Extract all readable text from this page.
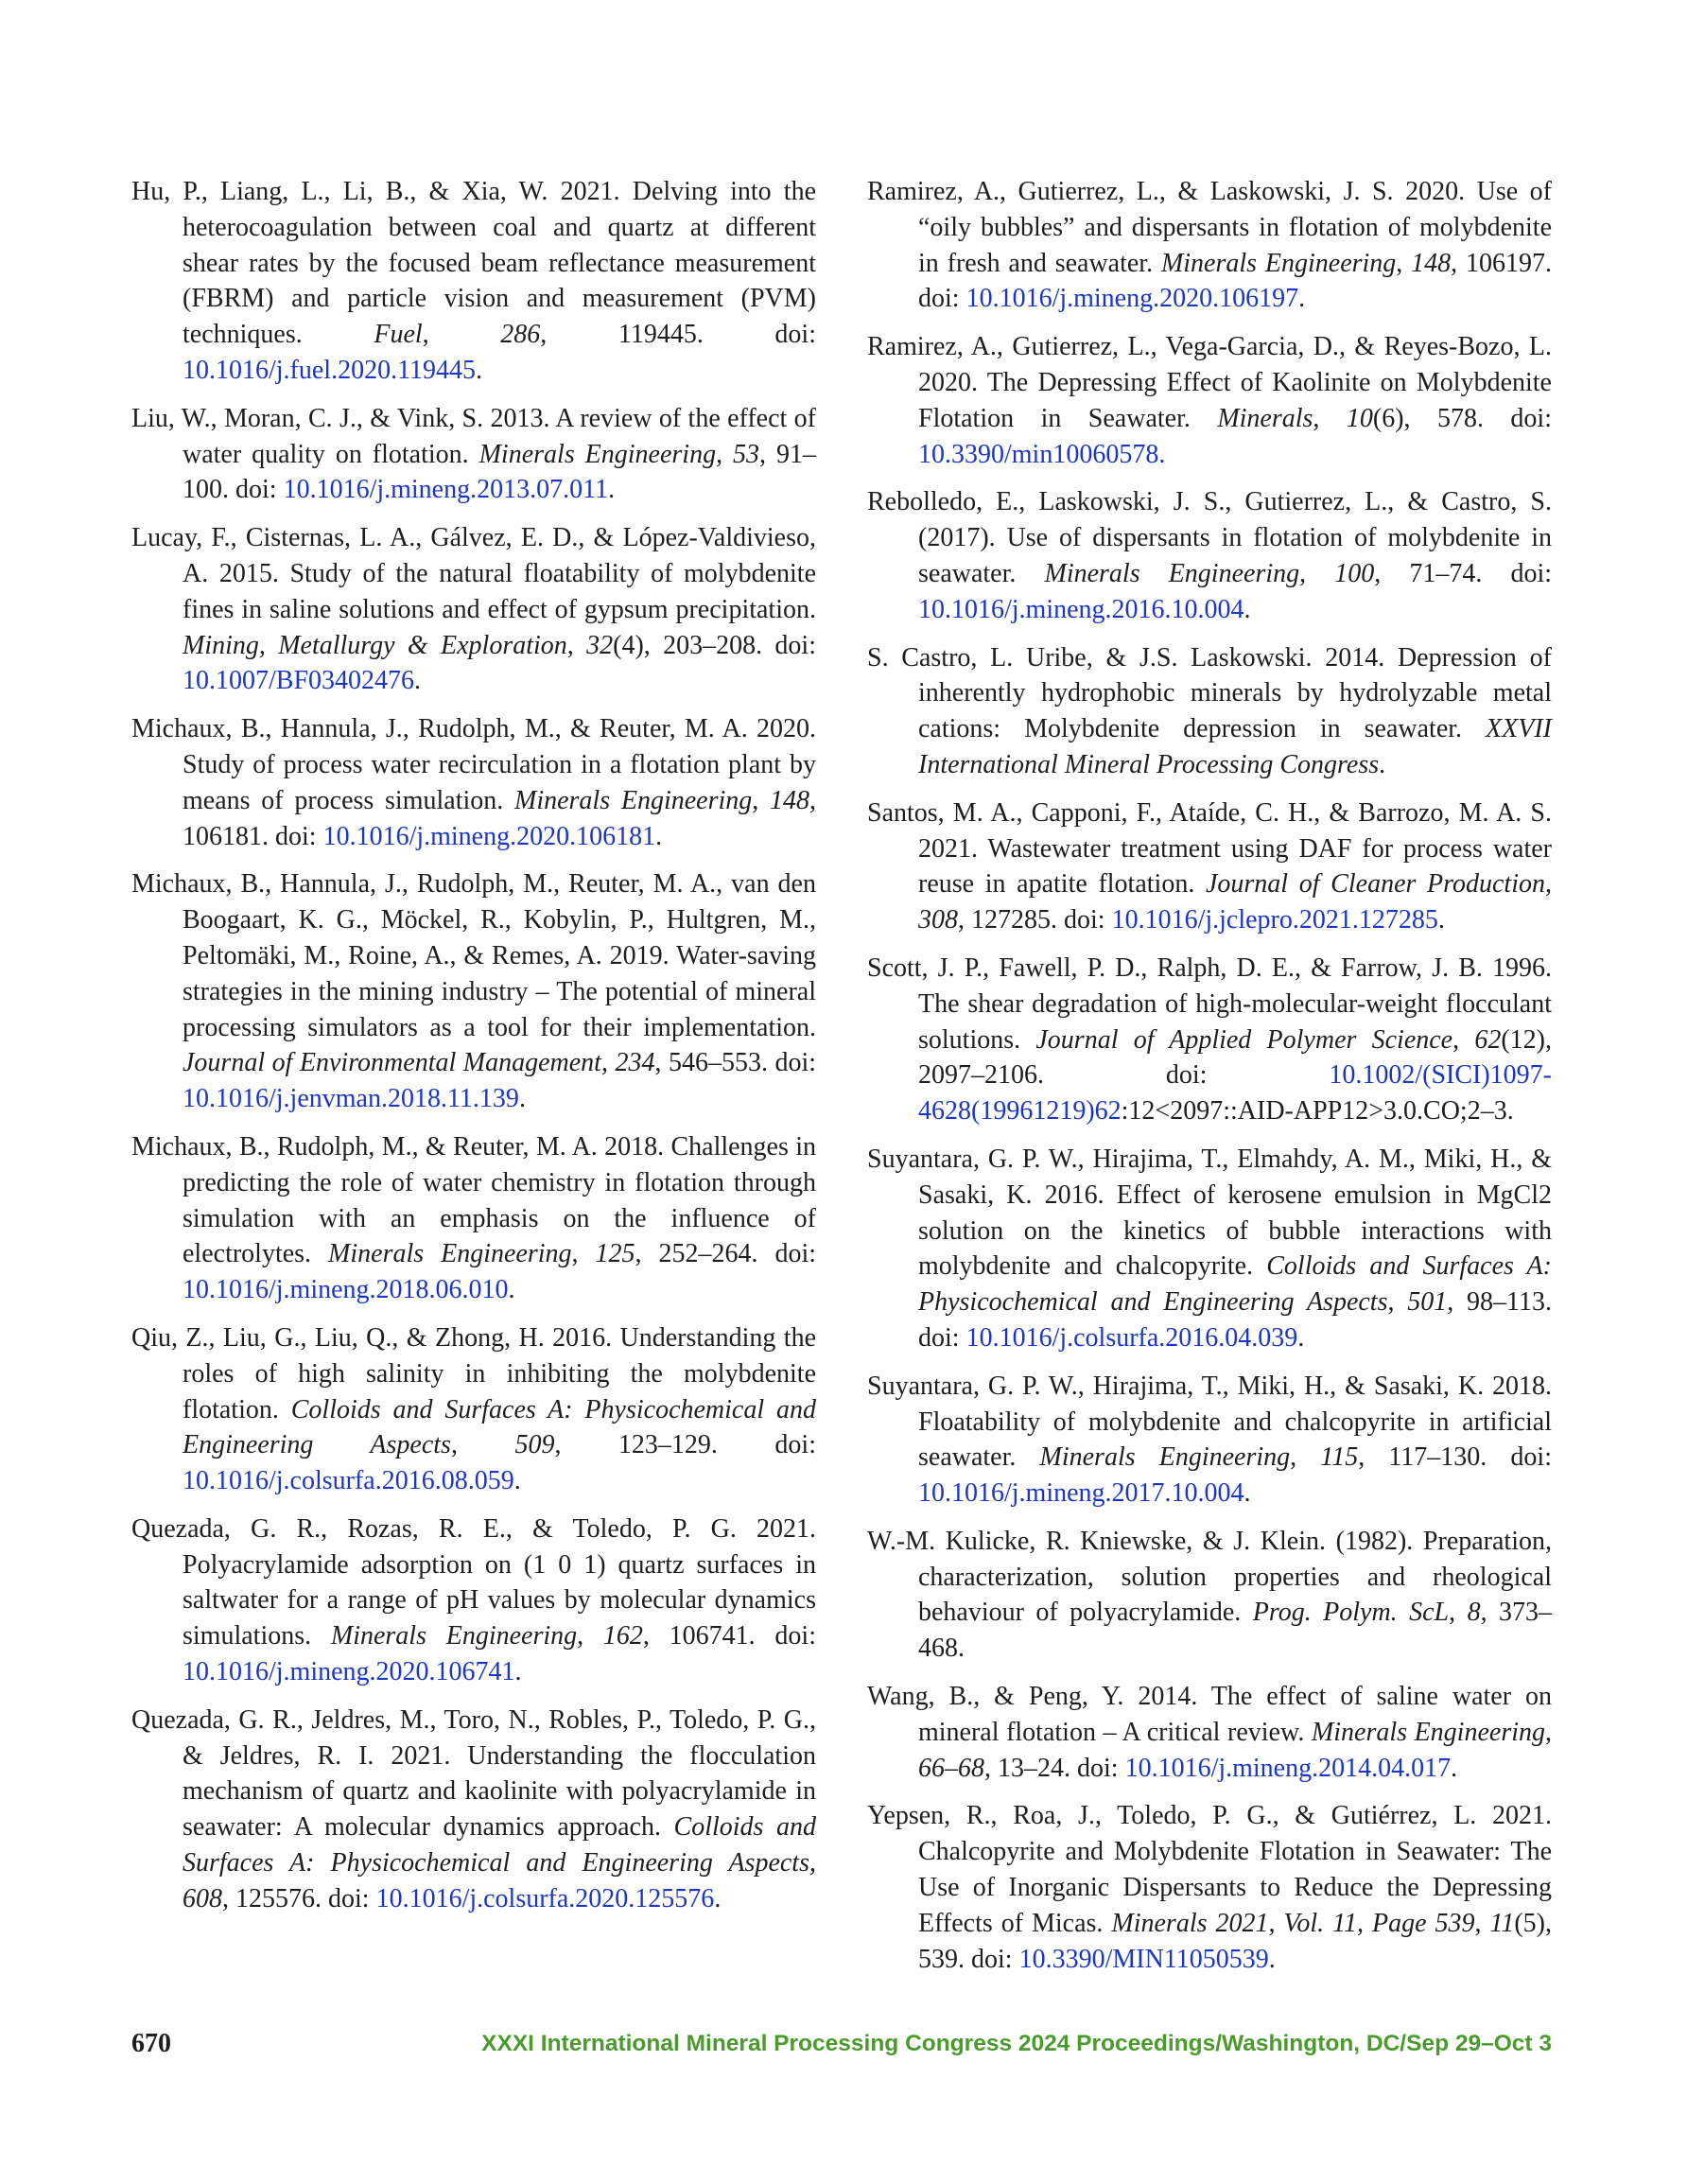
Hu, P., Liang, L., Li, B., & Xia, W. 2021. Delving into the heterocoagulation between coal and quartz at different shear rates by the focused beam reflectance measurement (FBRM) and particle vision and measurement (PVM) techniques. Fuel, 286, 119445. doi: 10.1016/j.fuel.2020.119445.

Liu, W., Moran, C. J., & Vink, S. 2013. A review of the effect of water quality on flotation. Minerals Engineering, 53, 91–100. doi: 10.1016/j.mineng.2013.07.011.

Lucay, F., Cisternas, L. A., Gálvez, E. D., & López-Valdivieso, A. 2015. Study of the natural floatability of molybdenite fines in saline solutions and effect of gypsum precipitation. Mining, Metallurgy & Exploration, 32(4), 203–208. doi: 10.1007/BF03402476.

Michaux, B., Hannula, J., Rudolph, M., & Reuter, M. A. 2020. Study of process water recirculation in a flotation plant by means of process simulation. Minerals Engineering, 148, 106181. doi: 10.1016/j.mineng.2020.106181.

Michaux, B., Hannula, J., Rudolph, M., Reuter, M. A., van den Boogaart, K. G., Möckel, R., Kobylin, P., Hultgren, M., Peltomäki, M., Roine, A., & Remes, A. 2019. Water-saving strategies in the mining industry – The potential of mineral processing simulators as a tool for their implementation. Journal of Environmental Management, 234, 546–553. doi: 10.1016/j.jenvman.2018.11.139.

Michaux, B., Rudolph, M., & Reuter, M. A. 2018. Challenges in predicting the role of water chemistry in flotation through simulation with an emphasis on the influence of electrolytes. Minerals Engineering, 125, 252–264. doi: 10.1016/j.mineng.2018.06.010.

Qiu, Z., Liu, G., Liu, Q., & Zhong, H. 2016. Understanding the roles of high salinity in inhibiting the molybdenite flotation. Colloids and Surfaces A: Physicochemical and Engineering Aspects, 509, 123–129. doi: 10.1016/j.colsurfa.2016.08.059.

Quezada, G. R., Rozas, R. E., & Toledo, P. G. 2021. Polyacrylamide adsorption on (1 0 1) quartz surfaces in saltwater for a range of pH values by molecular dynamics simulations. Minerals Engineering, 162, 106741. doi: 10.1016/j.mineng.2020.106741.

Quezada, G. R., Jeldres, M., Toro, N., Robles, P., Toledo, P. G., & Jeldres, R. I. 2021. Understanding the flocculation mechanism of quartz and kaolinite with polyacrylamide in seawater: A molecular dynamics approach. Colloids and Surfaces A: Physicochemical and Engineering Aspects, 608, 125576. doi: 10.1016/j.colsurfa.2020.125576.

Ramirez, A., Gutierrez, L., & Laskowski, J. S. 2020. Use of “oily bubbles” and dispersants in flotation of molybdenite in fresh and seawater. Minerals Engineering, 148, 106197. doi: 10.1016/j.mineng.2020.106197.

Ramirez, A., Gutierrez, L., Vega-Garcia, D., & Reyes-Bozo, L. 2020. The Depressing Effect of Kaolinite on Molybdenite Flotation in Seawater. Minerals, 10(6), 578. doi: 10.3390/min10060578.

Rebolledo, E., Laskowski, J. S., Gutierrez, L., & Castro, S. (2017). Use of dispersants in flotation of molybdenite in seawater. Minerals Engineering, 100, 71–74. doi: 10.1016/j.mineng.2016.10.004.

S. Castro, L. Uribe, & J.S. Laskowski. 2014. Depression of inherently hydrophobic minerals by hydrolyzable metal cations: Molybdenite depression in seawater. XXVII International Mineral Processing Congress.

Santos, M. A., Capponi, F., Ataíde, C. H., & Barrozo, M. A. S. 2021. Wastewater treatment using DAF for process water reuse in apatite flotation. Journal of Cleaner Production, 308, 127285. doi: 10.1016/j.jclepro.2021.127285.

Scott, J. P., Fawell, P. D., Ralph, D. E., & Farrow, J. B. 1996. The shear degradation of high-molecular-weight flocculant solutions. Journal of Applied Polymer Science, 62(12), 2097–2106. doi: 10.1002/(SICI)1097-4628(19961219)62:12<2097::AID-APP12>3.0.CO;2–3.

Suyantara, G. P. W., Hirajima, T., Elmahdy, A. M., Miki, H., & Sasaki, K. 2016. Effect of kerosene emulsion in MgCl2 solution on the kinetics of bubble interactions with molybdenite and chalcopyrite. Colloids and Surfaces A: Physicochemical and Engineering Aspects, 501, 98–113. doi: 10.1016/j.colsurfa.2016.04.039.

Suyantara, G. P. W., Hirajima, T., Miki, H., & Sasaki, K. 2018. Floatability of molybdenite and chalcopyrite in artificial seawater. Minerals Engineering, 115, 117–130. doi: 10.1016/j.mineng.2017.10.004.

W.-M. Kulicke, R. Kniewske, & J. Klein. (1982). Preparation, characterization, solution properties and rheological behaviour of polyacrylamide. Prog. Polym. ScL, 8, 373–468.

Wang, B., & Peng, Y. 2014. The effect of saline water on mineral flotation – A critical review. Minerals Engineering, 66–68, 13–24. doi: 10.1016/j.mineng.2014.04.017.

Yepsen, R., Roa, J., Toledo, P. G., & Gutiérrez, L. 2021. Chalcopyrite and Molybdenite Flotation in Seawater: The Use of Inorganic Dispersants to Reduce the Depressing Effects of Micas. Minerals 2021, Vol. 11, Page 539, 11(5), 539. doi: 10.3390/MIN11050539.

670	XXXI International Mineral Processing Congress 2024 Proceedings/Washington, DC/Sep 29–Oct 3
